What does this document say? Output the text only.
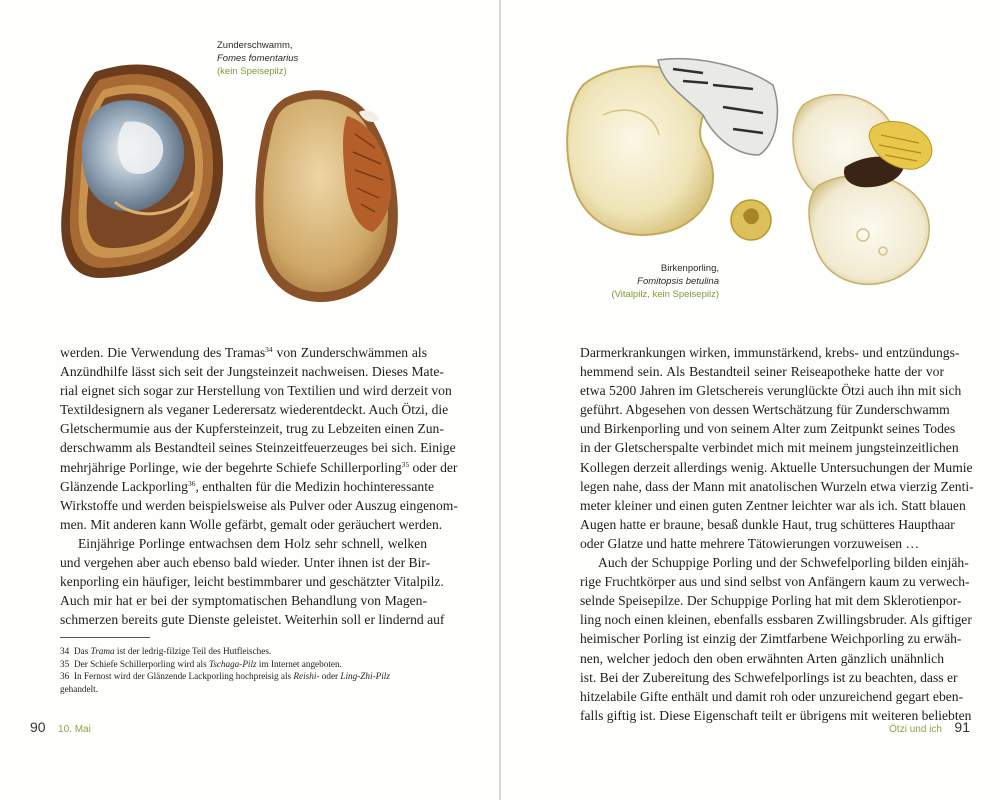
Zunderschwamm,
Fomes fomentarius
(kein Speisepilz)

werden. Die Verwendung des Tramas$^{34}$ von Zunderschwämmen als

Anzündhilfe lässt sich seit der Jungsteinzeit nachweisen. Dieses Mate-

rial eignet sich sogar zur Herstellung von Textilien und wird derzeit von

Textildesignern als veganer Lederersatz wiederentdeckt. Auch Ötzi, die

Gletschermumie aus der Kupfersteinzeit, trug zu Lebzeiten einen Zun-

derschwamm als Bestandteil seines Steinzeitfeuerzeuges bei sich. Einige

mehrjährige Porlinge, wie der begehrte Schiefe Schillerporling$^{35}$ oder der

Glänzende Lackporling$^{36}$, enthalten für die Medizin hochinteressante

Wirkstoffe und werden beispielsweise als Pulver oder Auszug eingenom-

men. Mit anderen kann Wolle gefärbt, gemalt oder geräuchert werden.

Einjährige Porlinge entwachsen dem Holz sehr schnell, welken

und vergehen aber auch ebenso bald wieder. Unter ihnen ist der Bir-

kenporling ein häufiger, leicht bestimmbarer und geschätzter Vitalpilz.

Auch mir hat er bei der symptomatischen Behandlung von Magen-

schmerzen bereits gute Dienste geleistet. Weiterhin soll er lindernd auf

34 Das Trama ist der ledrig-filzige Teil des Hutfleisches.
35 Der Schiefe Schillerporling wird als Tschaga-Pilz im Internet angeboten.
36 In Fernost wird der Glänzende Lackporling hochpreisig als Reishi- oder Ling-Zhi-Pilz
gehandelt.
90 10. Mai
Birkenporling,
Fomitopsis betulina
(Vitalpilz, kein Speisepilz)

Darmerkrankungen wirken, immunstärkend, krebs- und entzündungs-

hemmend sein. Als Bestandteil seiner Reiseapotheke hatte der vor

etwa 5200 Jahren im Gletschereis verunglückte Ötzi auch ihn mit sich

geführt. Abgesehen von dessen Wertschätzung für Zunderschwamm

und Birkenporling und von seinem Alter zum Zeitpunkt seines Todes

in der Gletscherspalte verbindet mich mit meinem jungsteinzeitlichen

Kollegen derzeit allerdings wenig. Aktuelle Untersuchungen der Mumie

legen nahe, dass der Mann mit anatolischen Wurzeln etwa vierzig Zenti-

meter kleiner und einen guten Zentner leichter war als ich. Statt blauen

Augen hatte er braune, besaß dunkle Haut, trug schütteres Haupthaar

oder Glatze und hatte mehrere Tätowierungen vorzuweisen …

Auch der Schuppige Porling und der Schwefelporling bilden einjäh-

rige Fruchtkörper aus und sind selbst von Anfängern kaum zu verwech-

selnde Speisepilze. Der Schuppige Porling hat mit dem Sklerotienpor-

ling noch einen kleinen, ebenfalls essbaren Zwillingsbruder. Als giftiger

heimischer Porling ist einzig der Zimtfarbene Weichporling zu erwäh-

nen, welcher jedoch den oben erwähnten Arten gänzlich unähnlich

ist. Bei der Zubereitung des Schwefelporlings ist zu beachten, dass er

hitzelabile Gifte enthält und damit roh oder unzureichend gegart eben-

falls giftig ist. Diese Eigenschaft teilt er übrigens mit weiteren beliebten

Ötzi und ich 91
